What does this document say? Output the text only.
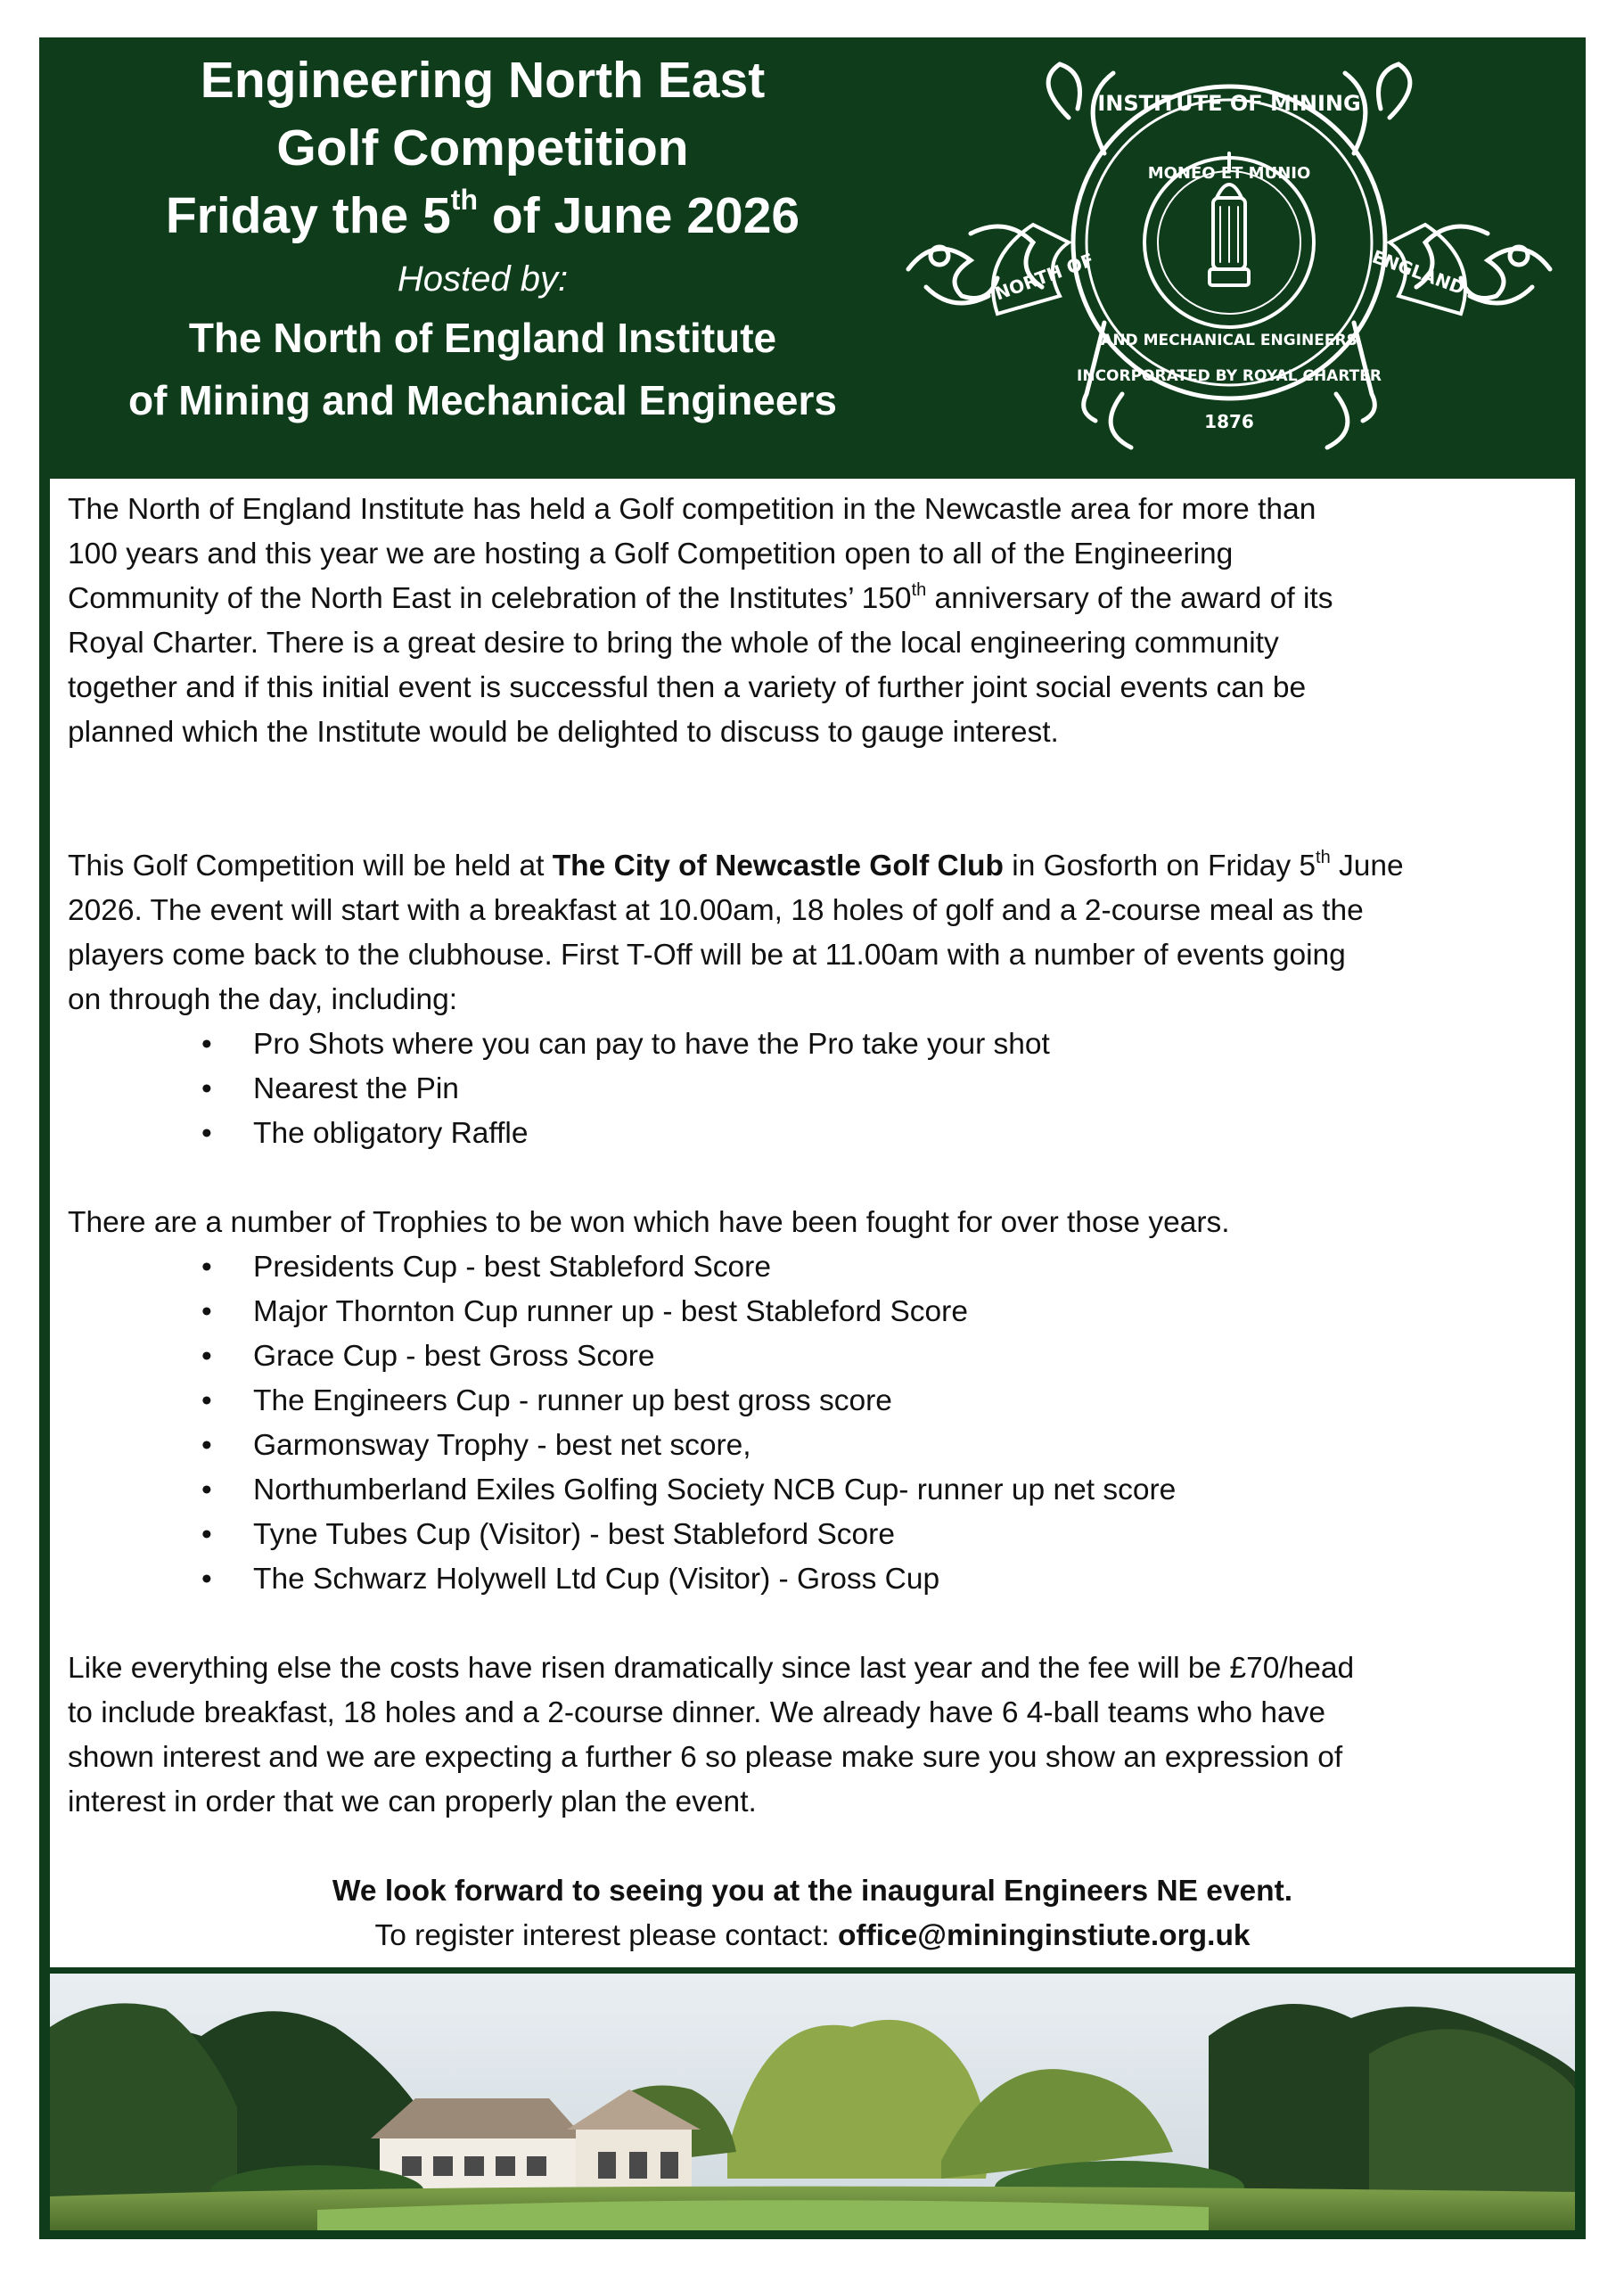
Engineering North East
Golf Competition
Friday the 5th of June 2026
Hosted by:
The North of England Institute
of Mining and Mechanical Engineers
INSTITUTE OF MINING
MONEO ET MUNIO
NORTH OF	ENGLAND
AND MECHANICAL ENGINEERS
INCORPORATED BY ROYAL CHARTER
1876

The North of England Institute has held a Golf competition in the Newcastle area for more than
100 years and this year we are hosting a Golf Competition open to all of the Engineering
Community of the North East in celebration of the Institutes’ 150th anniversary of the award of its
Royal Charter. There is a great desire to bring the whole of the local engineering community
together and if this initial event is successful then a variety of further joint social events can be
planned which the Institute would be delighted to discuss to gauge interest.

This Golf Competition will be held at The City of Newcastle Golf Club in Gosforth on Friday 5th June
2026. The event will start with a breakfast at 10.00am, 18 holes of golf and a 2-course meal as the
players come back to the clubhouse. First T-Off will be at 11.00am with a number of events going
on through the day, including:

• Pro Shots where you can pay to have the Pro take your shot
• Nearest the Pin
• The obligatory Raffle

There are a number of Trophies to be won which have been fought for over those years.

• Presidents Cup - best Stableford Score
• Major Thornton Cup runner up - best Stableford Score
• Grace Cup - best Gross Score
• The Engineers Cup - runner up best gross score
• Garmonsway Trophy - best net score,
• Northumberland Exiles Golfing Society NCB Cup- runner up net score
• Tyne Tubes Cup (Visitor) - best Stableford Score
• The Schwarz Holywell Ltd Cup (Visitor) - Gross Cup

Like everything else the costs have risen dramatically since last year and the fee will be £70/head
to include breakfast, 18 holes and a 2-course dinner. We already have 6 4-ball teams who have
shown interest and we are expecting a further 6 so please make sure you show an expression of
interest in order that we can properly plan the event.

We look forward to seeing you at the inaugural Engineers NE event.
To register interest please contact: office@mininginstiute.org.uk
